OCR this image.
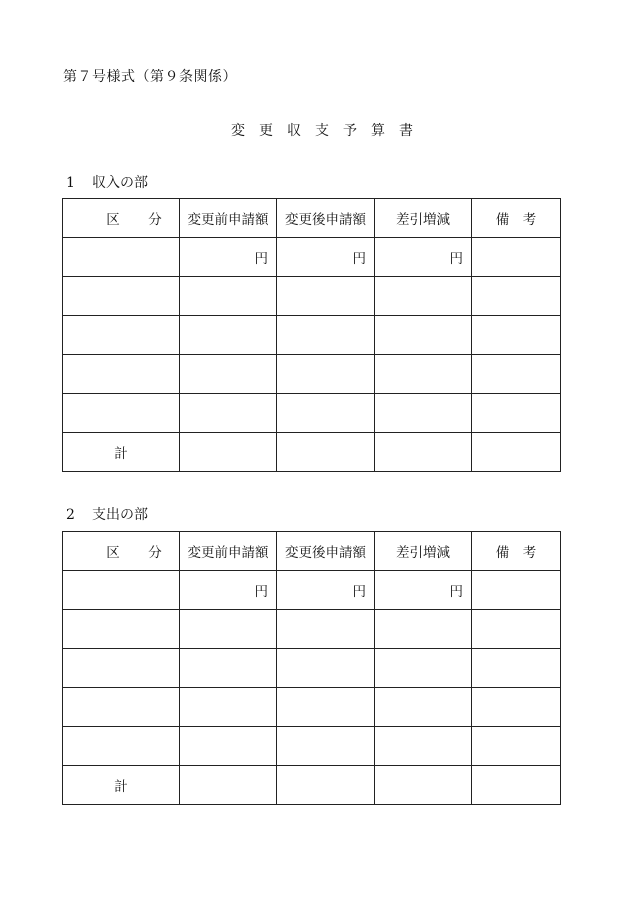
第７号様式（第９条関係）
変更収支予算書
1 収入の部
区 分	変更前申請額	変更後申請額	差引増減	備　考
	円	円	円	

計				
2 支出の部
区 分	変更前申請額	変更後申請額	差引増減	備　考
	円	円	円	

計				
